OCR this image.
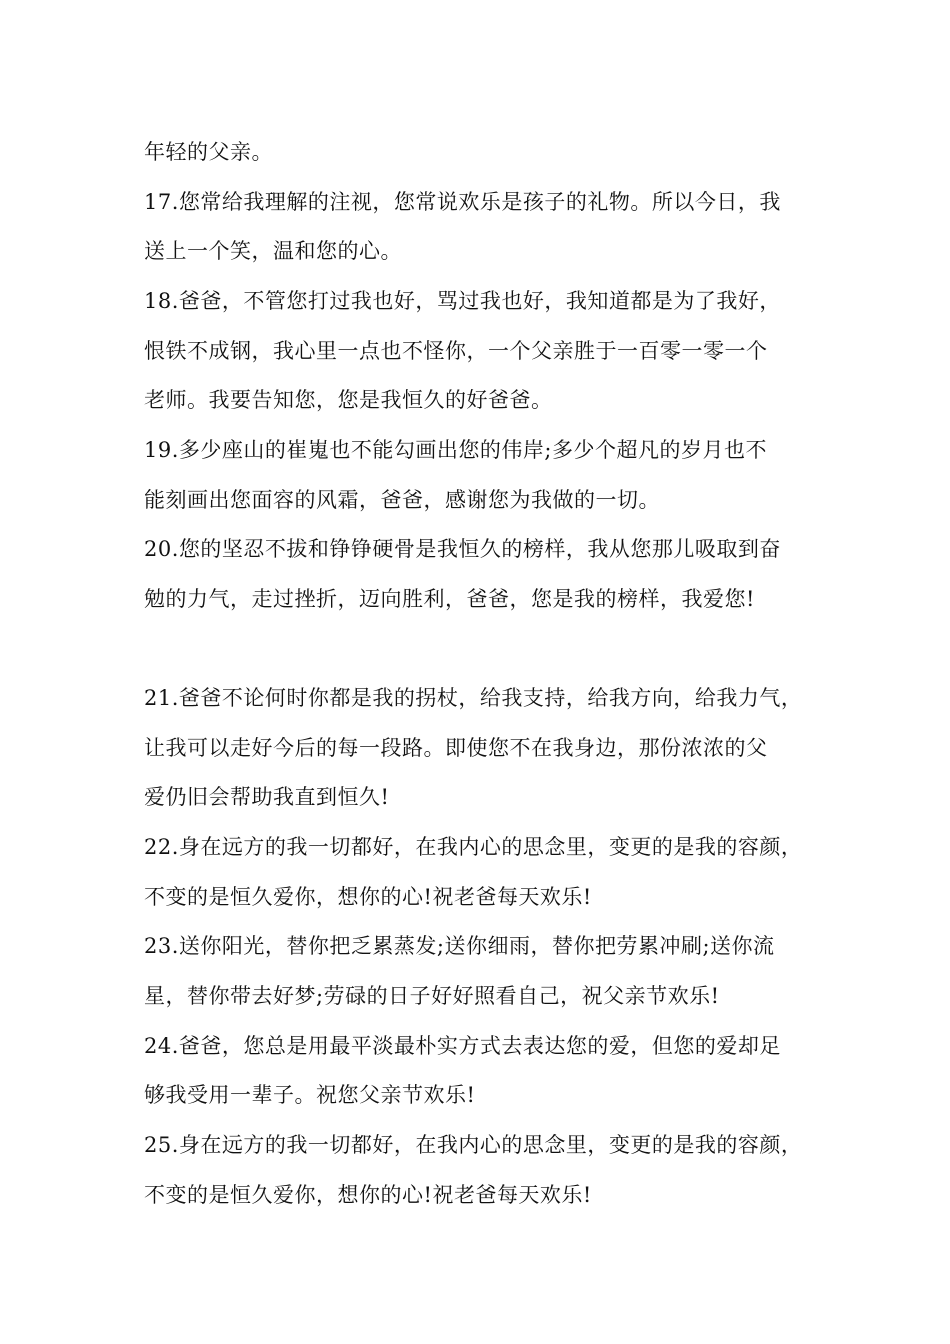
年轻的父亲。
17.您常给我理解的注视，您常说欢乐是孩子的礼物。所以今日，我
送上一个笑，温和您的心。
18.爸爸，不管您打过我也好，骂过我也好，我知道都是为了我好，
恨铁不成钢，我心里一点也不怪你，一个父亲胜于一百零一零一个
老师。我要告知您，您是我恒久的好爸爸。
19.多少座山的崔嵬也不能勾画出您的伟岸;多少个超凡的岁月也不
能刻画出您面容的风霜，爸爸，感谢您为我做的一切。
20.您的坚忍不拔和铮铮硬骨是我恒久的榜样，我从您那儿吸取到奋
勉的力气，走过挫折，迈向胜利，爸爸，您是我的榜样，我爱您!
21.爸爸不论何时你都是我的拐杖，给我支持，给我方向，给我力气，
让我可以走好今后的每一段路。即使您不在我身边，那份浓浓的父
爱仍旧会帮助我直到恒久!
22.身在远方的我一切都好，在我内心的思念里，变更的是我的容颜，
不变的是恒久爱你，想你的心!祝老爸每天欢乐!
23.送你阳光，替你把乏累蒸发;送你细雨，替你把劳累冲刷;送你流
星，替你带去好梦;劳碌的日子好好照看自己，祝父亲节欢乐!
24.爸爸，您总是用最平淡最朴实方式去表达您的爱，但您的爱却足
够我受用一辈子。祝您父亲节欢乐!
25.身在远方的我一切都好，在我内心的思念里，变更的是我的容颜，
不变的是恒久爱你，想你的心!祝老爸每天欢乐!
